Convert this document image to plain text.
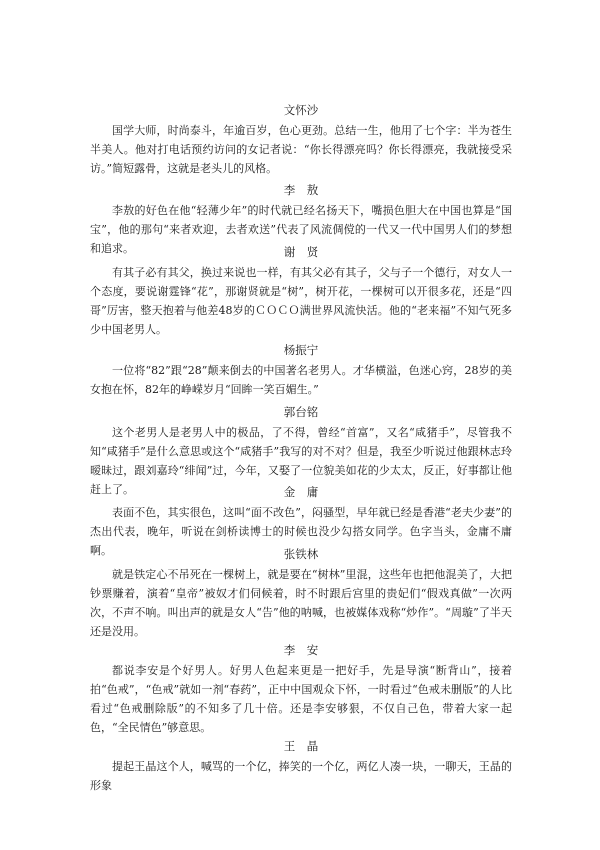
文怀沙

国学大师，时尚泰斗，年逾百岁，色心更劲。总结一生，他用了七个字：半为苍生半美人。他对打电话预约访问的女记者说：“你长得漂亮吗？你长得漂亮，我就接受采访。”简短露骨，这就是老头儿的风格。

李　敖

李敖的好色在他“轻薄少年”的时代就已经名扬天下，嘴损色胆大在中国也算是“国宝”，他的那句“来者欢迎，去者欢送”代表了风流倜傥的一代又一代中国男人们的梦想和追求。	谢　贤

有其子必有其父，换过来说也一样，有其父必有其子，父与子一个德行，对女人一个态度，要说谢霆锋“花”，那谢贤就是“树”，树开花，一棵树可以开很多花，还是“四哥”厉害，整天抱着与他差48岁的ＣＯＣＯ满世界风流快活。他的“老来福”不知气死多少中国老男人。

杨振宁

一位将“82”跟“28”颠来倒去的中国著名老男人。才华横溢，色迷心窍，28岁的美女抱在怀，82年的峥嵘岁月“回眸一笑百媚生。”

郭台铭

这个老男人是老男人中的极品，了不得，曾经“首富”，又名“咸猪手”，尽管我不知“咸猪手”是什么意思或这个“咸猪手”我写的对不对？但是，我至少听说过他跟林志玲暧昧过，跟刘嘉玲“绯闻”过，今年，又娶了一位貌美如花的少太太，反正，好事都让他赶上了。	金　庸

表面不色，其实很色，这叫“面不改色”，闷骚型，早年就已经是香港“老夫少妻”的杰出代表，晚年，听说在剑桥读博士的时候也没少勾搭女同学。色字当头，金庸不庸啊。	张铁林

就是铁定心不吊死在一棵树上，就是要在“树林”里混，这些年也把他混美了，大把钞票赚着，演着“皇帝”被奴才们伺候着，时不时跟后宫里的贵妃们“假戏真做”一次两次，不声不响。叫出声的就是女人“告”他的呐喊，也被媒体戏称“炒作”。“周璇”了半天还是没用。

李　安

都说李安是个好男人。好男人色起来更是一把好手，先是导演“断背山”，接着拍“色戒”，“色戒”就如一剂“春药”，正中中国观众下怀，一时看过“色戒未删版”的人比看过“色戒删除版”的不知多了几十倍。还是李安够狠，不仅自己色，带着大家一起色，“全民情色”够意思。

王　晶

提起王晶这个人，喊骂的一个亿，捧笑的一个亿，两亿人凑一块，一聊天，王晶的形象
